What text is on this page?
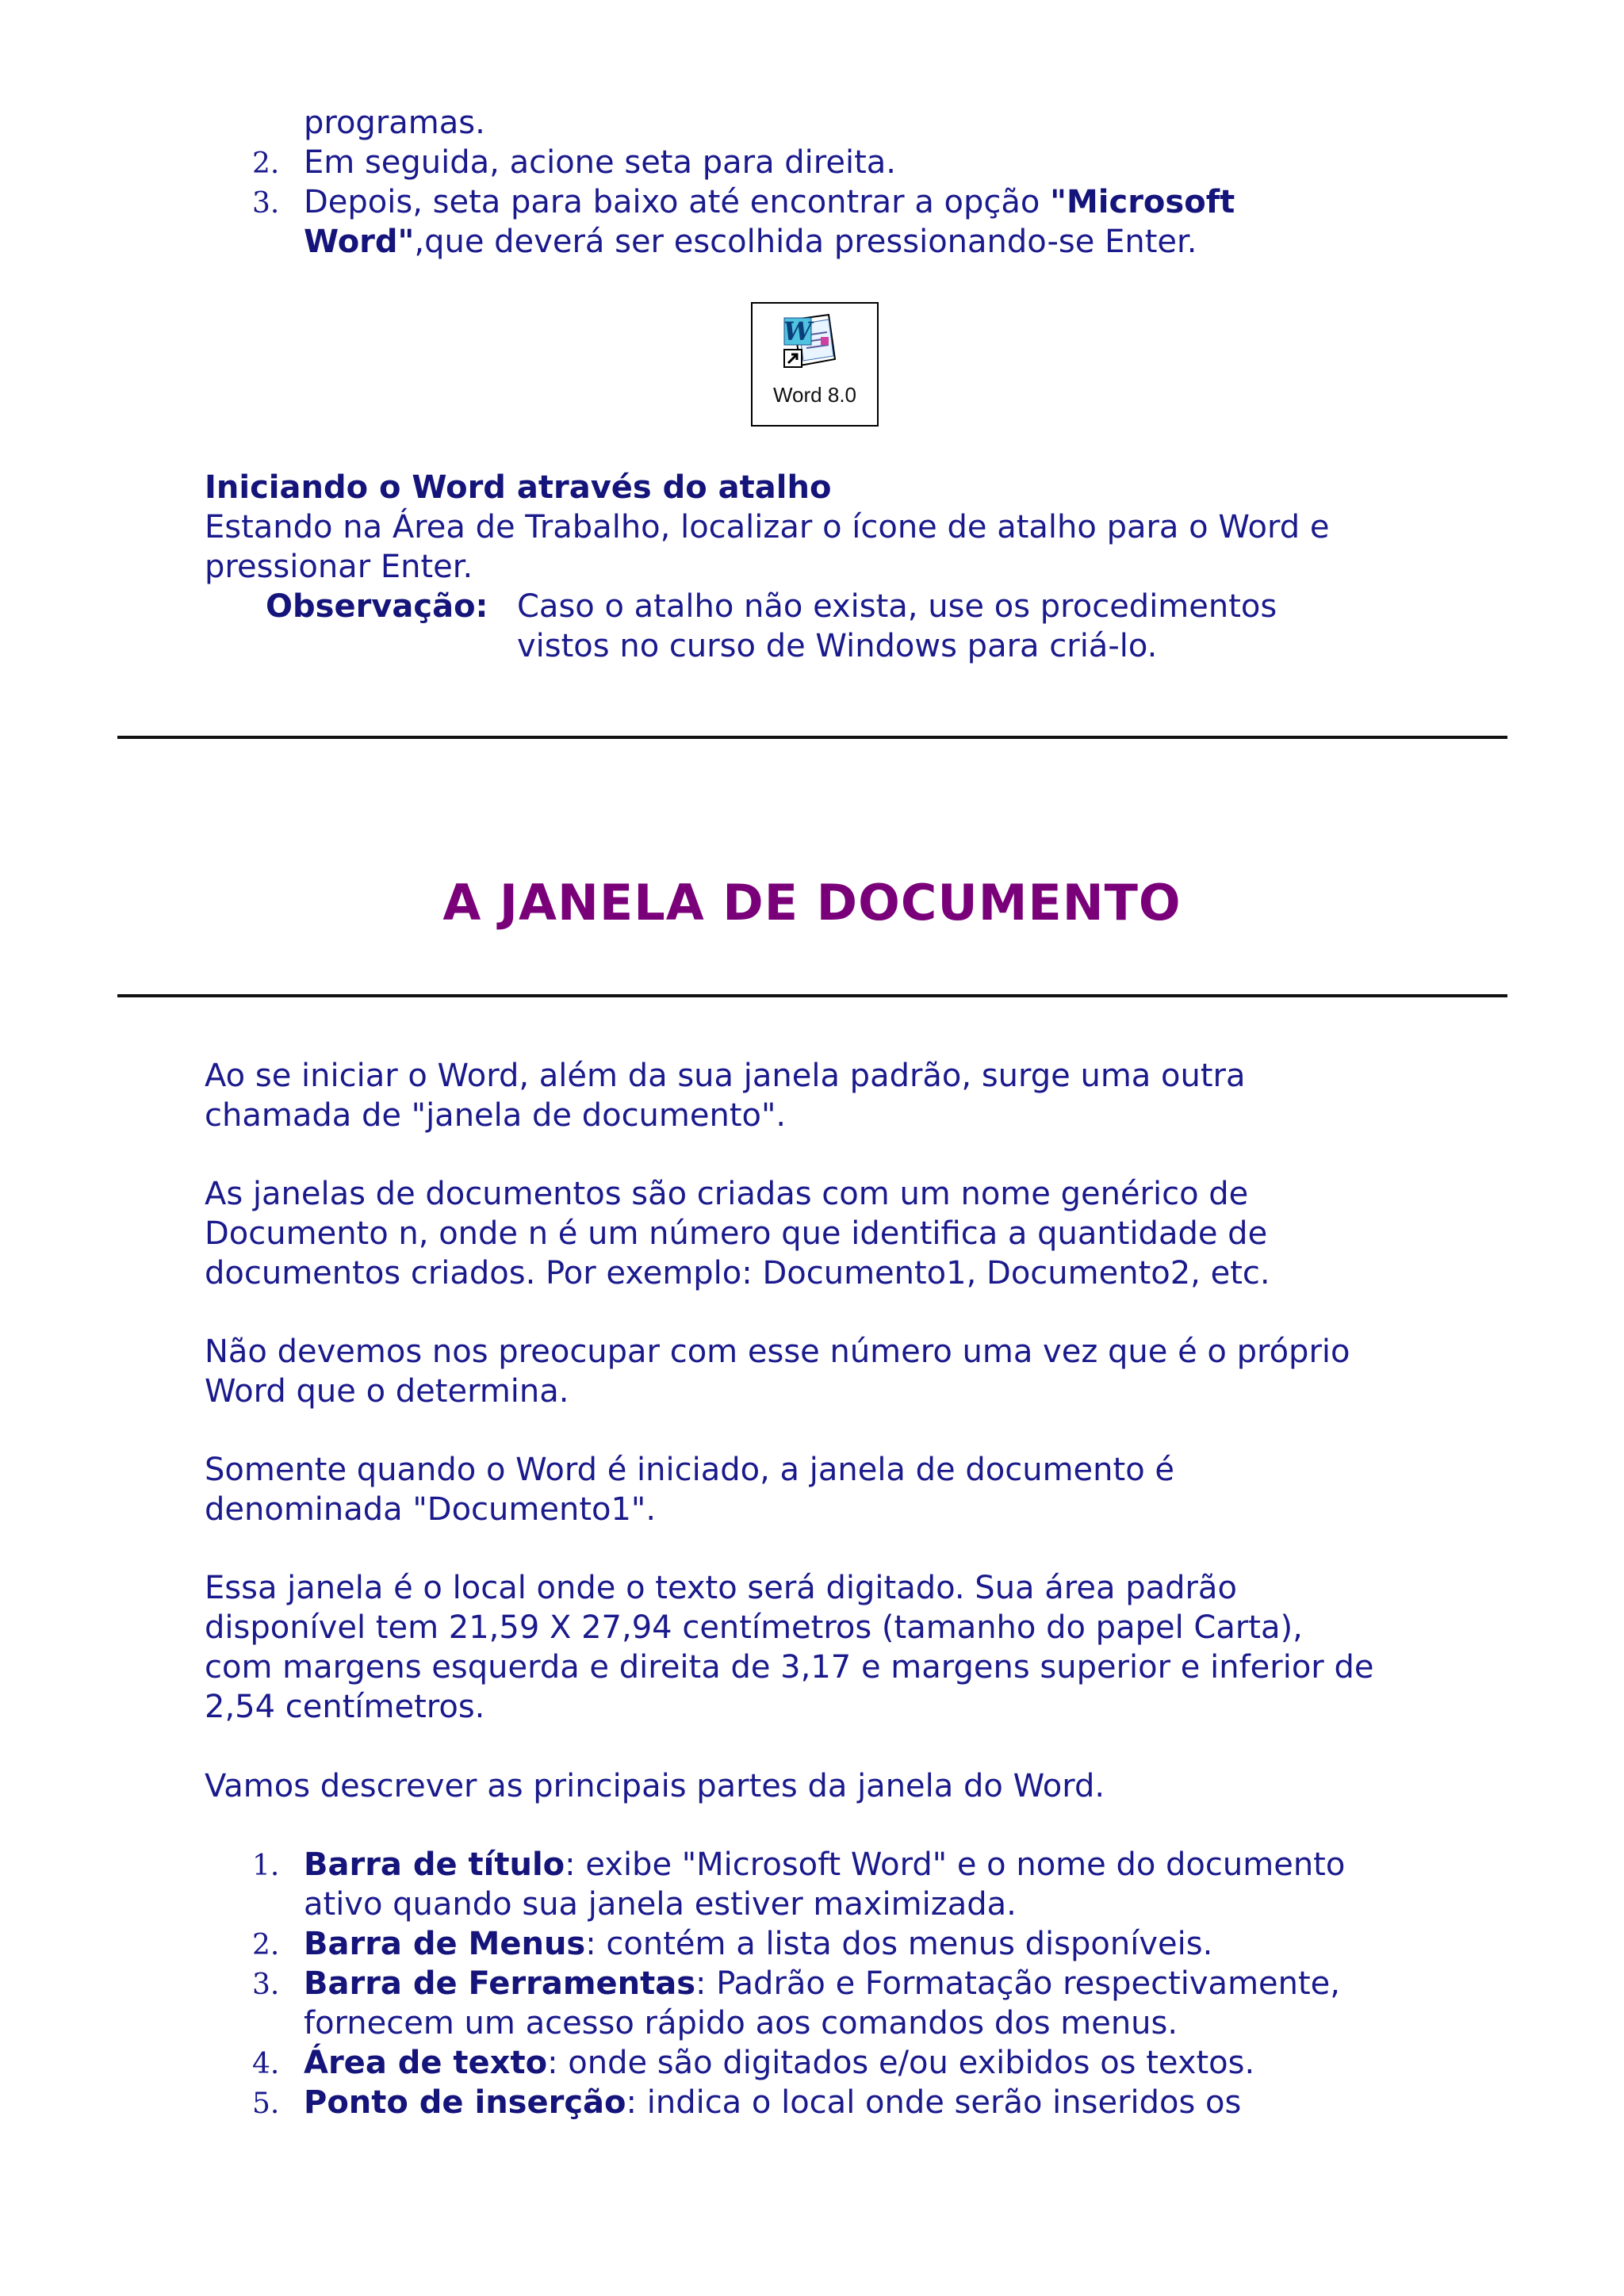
programas.
2. Em seguida, acione seta para direita.
3. Depois, seta para baixo até encontrar a opção "Microsoft
Word",que deverá ser escolhida pressionando-se Enter.
W
Word 8.0
Iniciando o Word através do atalho
Estando na Área de Trabalho, localizar o ícone de atalho para o Word e
pressionar Enter.
Observação: Caso o atalho não exista, use os procedimentos
vistos no curso de Windows para criá-lo.
A JANELA DE DOCUMENTO
Ao se iniciar o Word, além da sua janela padrão, surge uma outra
chamada de "janela de documento".
As janelas de documentos são criadas com um nome genérico de
Documento n, onde n é um número que identifica a quantidade de
documentos criados. Por exemplo: Documento1, Documento2, etc.
Não devemos nos preocupar com esse número uma vez que é o próprio
Word que o determina.
Somente quando o Word é iniciado, a janela de documento é
denominada "Documento1".
Essa janela é o local onde o texto será digitado. Sua área padrão
disponível tem 21,59 X 27,94 centímetros (tamanho do papel Carta),
com margens esquerda e direita de 3,17 e margens superior e inferior de
2,54 centímetros.
Vamos descrever as principais partes da janela do Word.
1. Barra de título: exibe "Microsoft Word" e o nome do documento
ativo quando sua janela estiver maximizada.
2. Barra de Menus: contém a lista dos menus disponíveis.
3. Barra de Ferramentas: Padrão e Formatação respectivamente,
fornecem um acesso rápido aos comandos dos menus.
4. Área de texto: onde são digitados e/ou exibidos os textos.
5. Ponto de inserção: indica o local onde serão inseridos os
